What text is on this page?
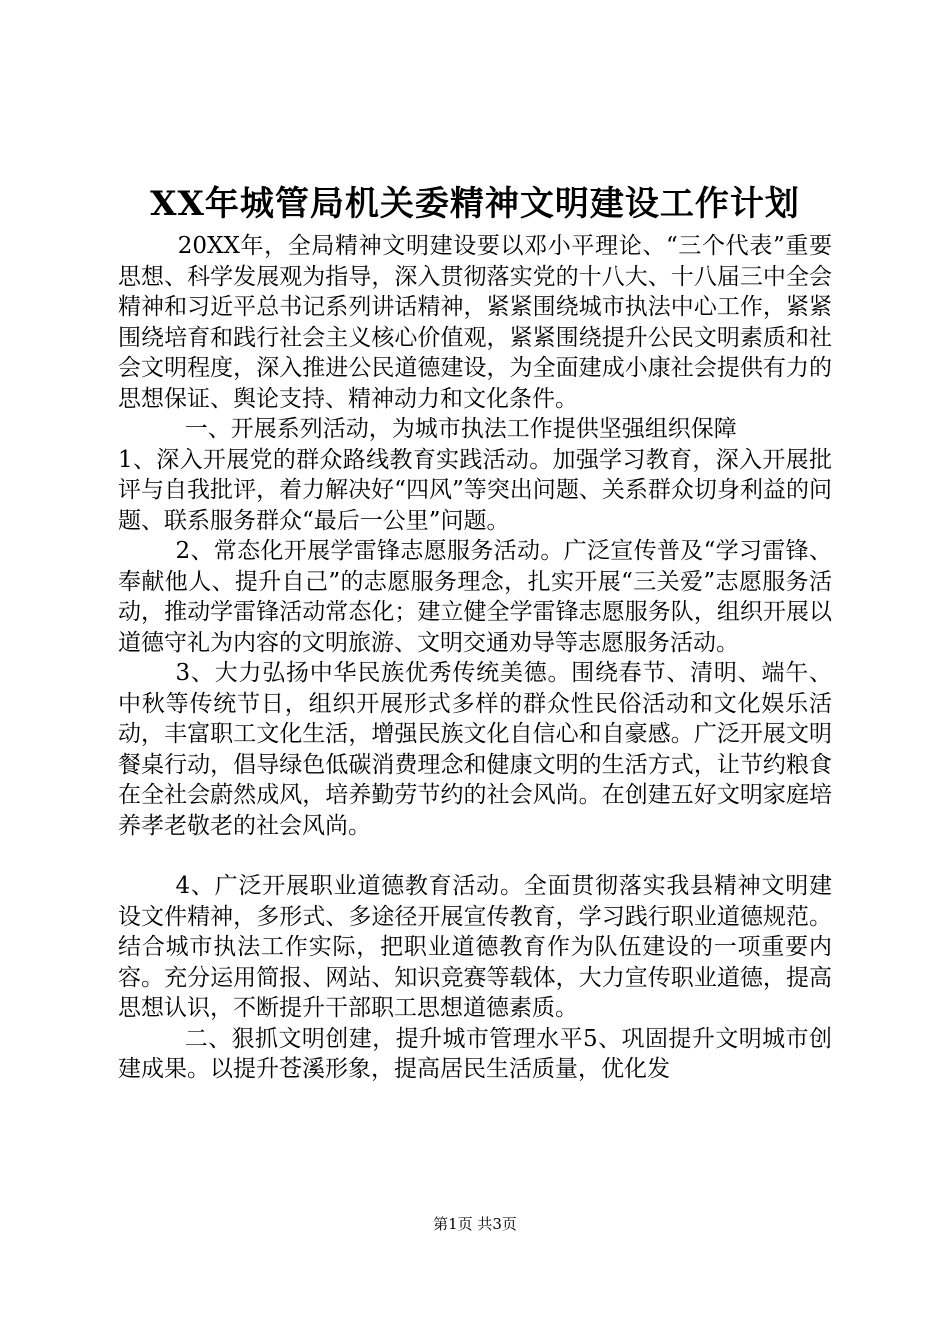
XX年城管局机关委精神文明建设工作计划

20XX年，全局精神文明建设要以邓小平理论、“三个代表”重要思想、科学发展观为指导，深入贯彻落实党的十八大、十八届三中全会精神和习近平总书记系列讲话精神，紧紧围绕城市执法中心工作，紧紧围绕培育和践行社会主义核心价值观，紧紧围绕提升公民文明素质和社会文明程度，深入推进公民道德建设，为全面建成小康社会提供有力的思想保证、舆论支持、精神动力和文化条件。

一、开展系列活动，为城市执法工作提供坚强组织保障

1、深入开展党的群众路线教育实践活动。加强学习教育，深入开展批评与自我批评，着力解决好“四风”等突出问题、关系群众切身利益的问题、联系服务群众“最后一公里”问题。

2、常态化开展学雷锋志愿服务活动。广泛宣传普及“学习雷锋、奉献他人、提升自己”的志愿服务理念，扎实开展“三关爱”志愿服务活动，推动学雷锋活动常态化；建立健全学雷锋志愿服务队，组织开展以道德守礼为内容的文明旅游、文明交通劝导等志愿服务活动。

3、大力弘扬中华民族优秀传统美德。围绕春节、清明、端午、中秋等传统节日，组织开展形式多样的群众性民俗活动和文化娱乐活动，丰富职工文化生活，增强民族文化自信心和自豪感。广泛开展文明餐桌行动，倡导绿色低碳消费理念和健康文明的生活方式，让节约粮食在全社会蔚然成风，培养勤劳节约的社会风尚。在创建五好文明家庭培养孝老敬老的社会风尚。

4、广泛开展职业道德教育活动。全面贯彻落实我县精神文明建设文件精神，多形式、多途径开展宣传教育，学习践行职业道德规范。结合城市执法工作实际，把职业道德教育作为队伍建设的一项重要内容。充分运用简报、网站、知识竞赛等载体，大力宣传职业道德，提高思想认识，不断提升干部职工思想道德素质。

二、狠抓文明创建，提升城市管理水平5、巩固提升文明城市创建成果。以提升苍溪形象，提高居民生活质量，优化发

第1页 共3页
